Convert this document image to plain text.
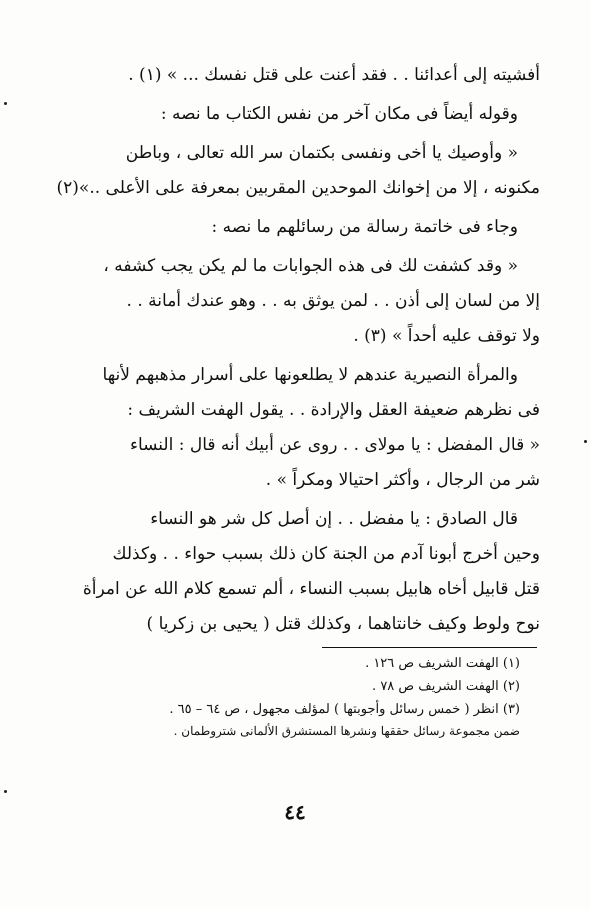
أفشيته إلى أعدائنا . . فقد أعنت على قتل نفسك ... » (١) .
وقوله أيضاً فى مكان آخر من نفس الكتاب ما نصه :
« وأوصيك يا أخى ونفسى بكتمان سر الله تعالى ، وباطن
مكنونه ، إلا من إخوانك الموحدين المقربين بمعرفة على الأعلى ..»(٢)
وجاء فى خاتمة رسالة من رسائلهم ما نصه :
« وقد كشفت لك فى هذه الجوابات ما لم يكن يجب كشفه ،
إلا من لسان إلى أذن . . لمن يوثق به . . وهو عندك أمانة . .
ولا توقف عليه أحداً » (٣) .
والمرأة النصيرية عندهم لا يطلعونها على أسرار مذهبهم لأنها
فى نظرهم ضعيفة العقل والإرادة . . يقول الهفت الشريف :
« قال المفضل : يا مولاى . . روى عن أبيك أنه قال : النساء
شر من الرجال ، وأكثر احتيالا ومكراً » .
قال الصادق : يا مفضل . . إن أصل كل شر هو النساء
وحين أخرج أبونا آدم من الجنة كان ذلك بسبب حواء . . وكذلك
قتل قابيل أخاه هابيل بسبب النساء ، ألم تسمع كلام الله عن امرأة
نوح ولوط وكيف خانتاهما ، وكذلك قتل ( يحيى بن زكريا )
(١) الهفت الشريف ص ١٢٦ .
(٢) الهفت الشريف ص ٧٨ .
(٣) انظر ( خمس رسائل وأجوبتها ) لمؤلف مجهول ، ص ٦٤ – ٦٥ .
ضمن مجموعة رسائل حققها ونشرها المستشرق الألمانى شتروطمان .
٤٤
